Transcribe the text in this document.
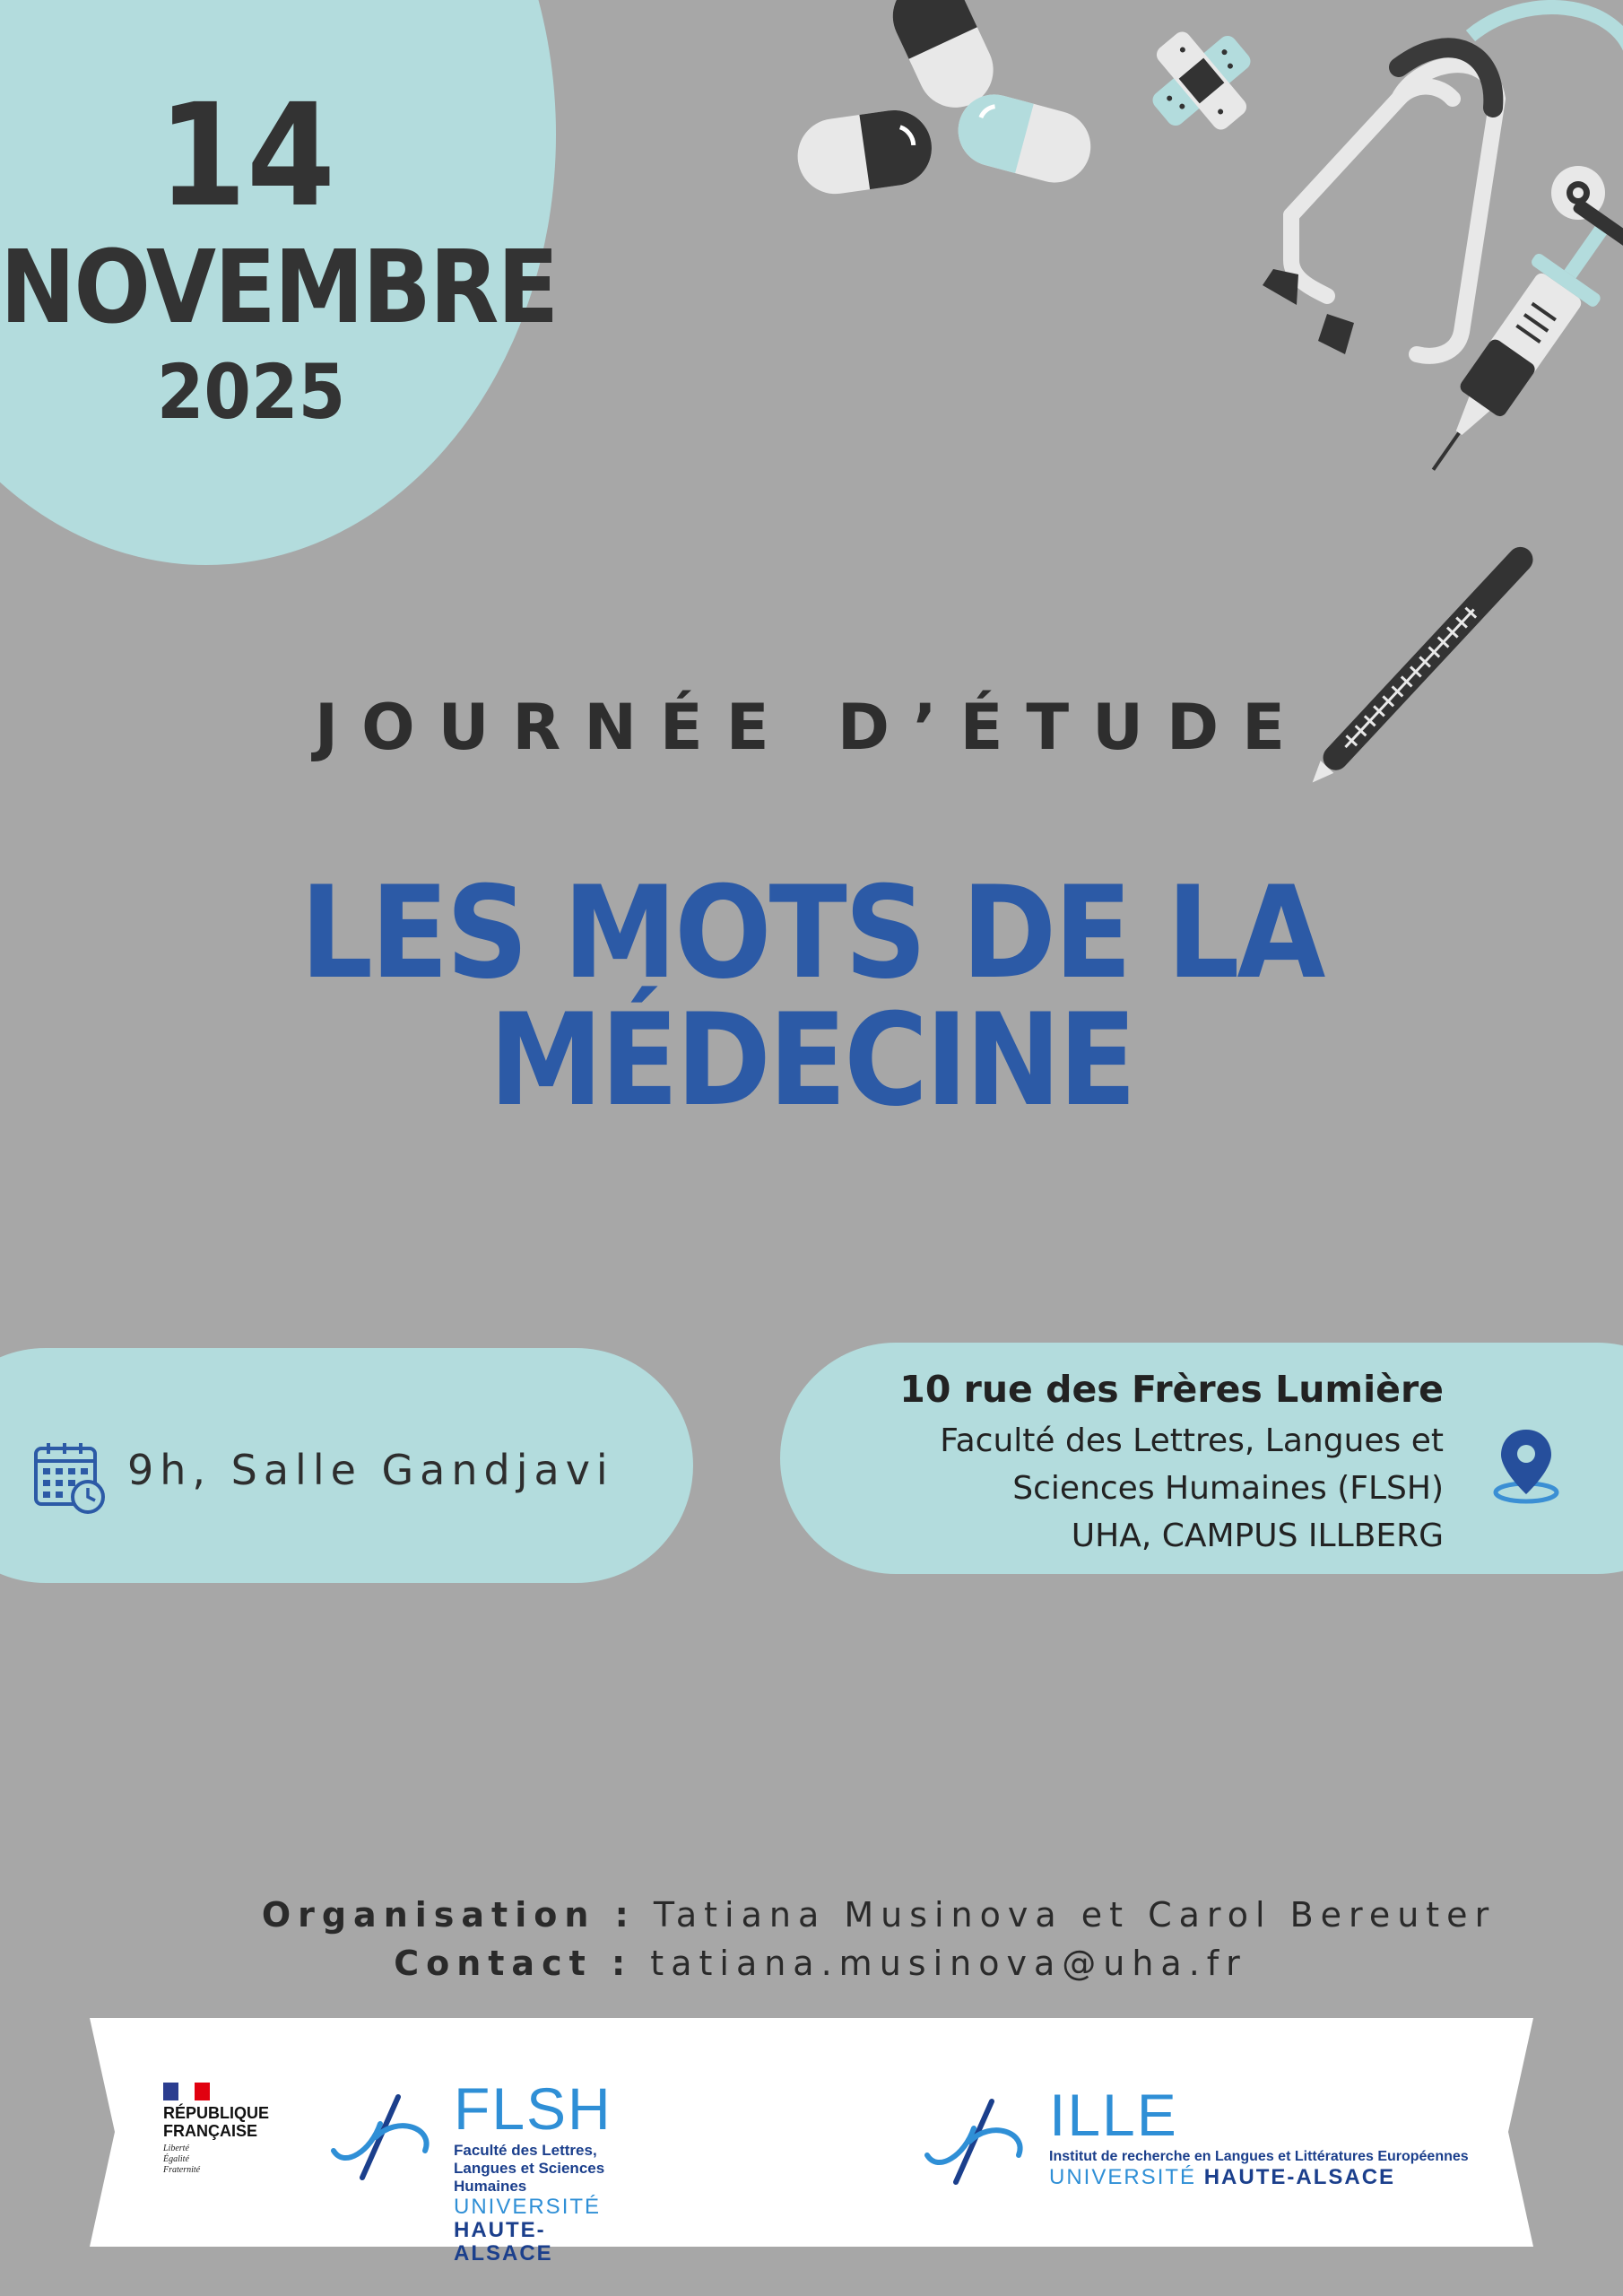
14
NOVEMBRE
2025
JOURNÉE D’ÉTUDE
LES MOTS DE LA MÉDECINE
9h, Salle Gandjavi
10 rue des Frères Lumière
Faculté des Lettres, Langues et
Sciences Humaines (FLSH)
UHA, CAMPUS ILLBERG
Organisation : Tatiana Musinova et Carol Bereuter
Contact : tatiana.musinova@uha.fr
RÉPUBLIQUE
FRANÇAISE
Liberté
Égalité
Fraternité
FLSH
Faculté des Lettres, Langues et Sciences Humaines
UNIVERSITÉ HAUTE-ALSACE
ILLE
Institut de recherche en Langues et Littératures Européennes
UNIVERSITÉ HAUTE-ALSACE
